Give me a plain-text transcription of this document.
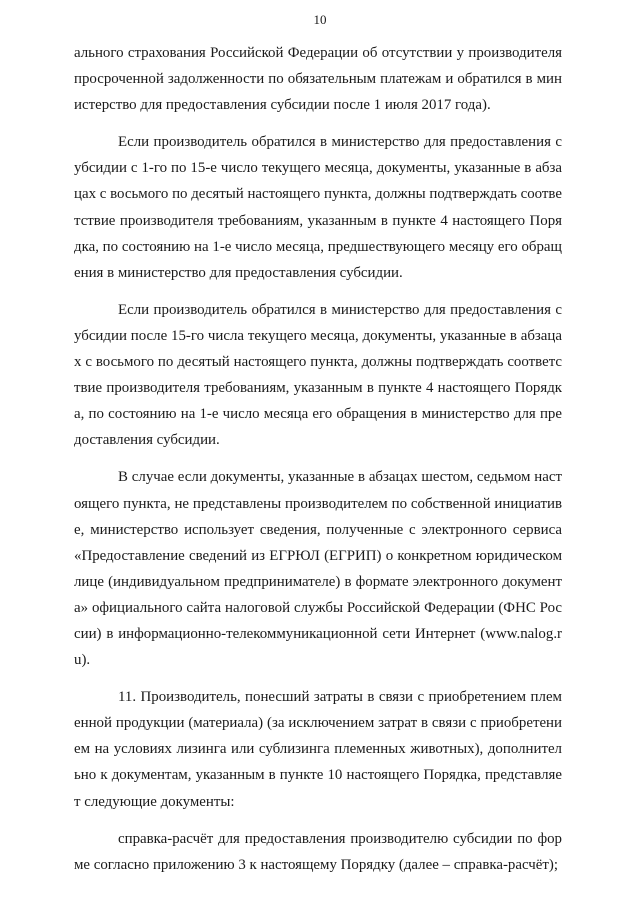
10

ального страхования Российской Федерации об отсутствии у производителя просроченной задолженности по обязательным платежам и обратился в министерство для предоставления субсидии после 1 июля 2017 года).

Если производитель обратился в министерство для предоставления субсидии с 1-го по 15-е число текущего месяца, документы, указанные в абзацах с восьмого по десятый настоящего пункта, должны подтверждать соответствие производителя требованиям, указанным в пункте 4 настоящего Порядка, по состоянию на 1-е число месяца, предшествующего месяцу его обращения в министерство для предоставления субсидии.

Если производитель обратился в министерство для предоставления субсидии после 15-го числа текущего месяца, документы, указанные в абзацах с восьмого по десятый настоящего пункта, должны подтверждать соответствие производителя требованиям, указанным в пункте 4 настоящего Порядка, по состоянию на 1-е число месяца его обращения в министерство для предоставления субсидии.

В случае если документы, указанные в абзацах шестом, седьмом настоящего пункта, не представлены производителем по собственной инициативе, министерство использует сведения, полученные с электронного сервиса «Предоставление сведений из ЕГРЮЛ (ЕГРИП) о конкретном юридическом лице (индивидуальном предпринимателе) в формате электронного документа» официального сайта налоговой службы Российской Федерации (ФНС России) в информационно-телекоммуникационной сети Интернет (www.nalog.ru).

11. Производитель, понесший затраты в связи с приобретением племенной продукции (материала) (за исключением затрат в связи с приобретением на условиях лизинга или сублизинга племенных животных), дополнительно к документам, указанным в пункте 10 настоящего Порядка, представляет следующие документы:

справка-расчёт для предоставления производителю субсидии по форме согласно приложению 3 к настоящему Порядку (далее – справка-расчёт);
